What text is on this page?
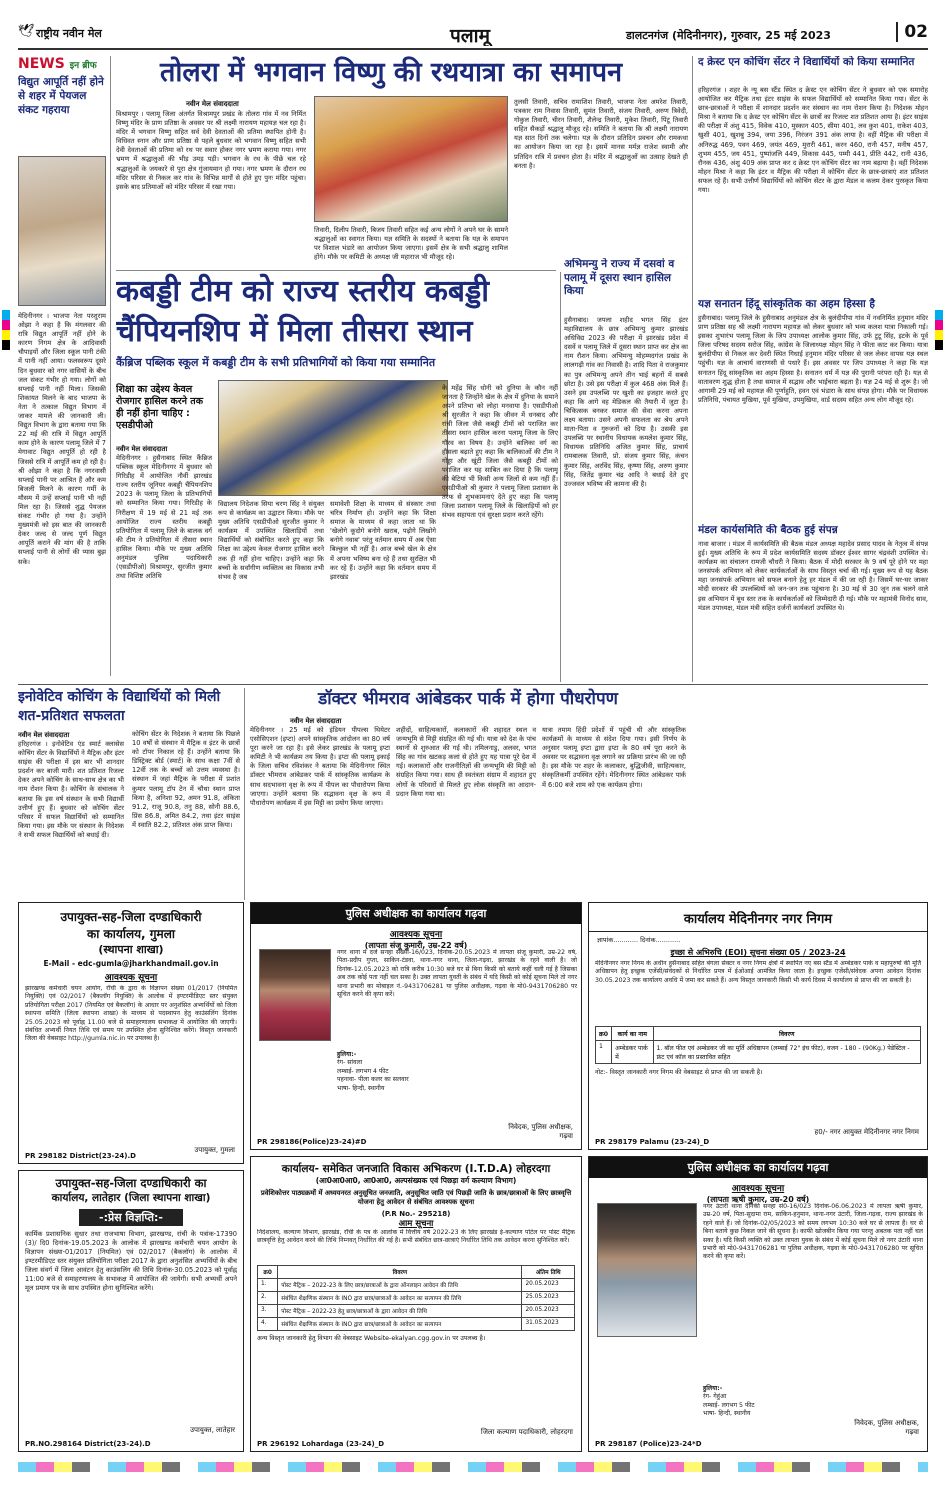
🕊 राष्ट्रीय नवीन मेल	पलामू	डालटनगंज (मेदिनीनगर), गुरुवार, 25 मई 2023	02
NEWS इन ब्रीफ
विद्युत आपूर्ति नहीं होने से शहर में पेयजल संकट गहराया
मेदिनीनगर । भाजपा नेता परशुराम ओझा ने कहा है कि मंगलवार की रात्रि विद्युत आपूर्ति नहीं होने के कारण निगम क्षेत्र के आदिवासी चौपाइयों और जिला स्कूल पानी टंकी में पानी नहीं आया। फलस्वरूप दूसरे दिन बुधवार को नगर वासियों के बीच जल संकट गंभीर हो गया। लोगों को सप्लाई पानी नहीं मिला। जिसकी शिकायत मिलने के बाद भाजपा के नेता ने तत्काल विद्युत विभाग में जाकर मामले की जानकारी ली। विद्युत विभाग के द्वारा बताया गया कि 22 मई की रात्रि में विद्युत आपूर्ति काम होने के कारण पलामू जिले में 7 मेगावाट विद्युत आपूर्ति हो रही है जिससे रात्रि में आपूर्ति कम हो रही है। श्री ओझा ने कहा है कि नगरवासी सप्लाई पानी पर आश्रित हैं और कम बिजली मिलने के कारण गर्मी के मौसम में उन्हें सप्लाई पानी भी नहीं मिल रहा है। जिससे शुद्ध पेयजल संकट गंभीर हो गया है। उन्होंने मुख्यमंत्री को इस बात की जानकारी देकर जल्द से जल्द पूर्ण विद्युत आपूर्ति कराने की मांग की है ताकि सप्लाई पानी से लोगों की प्यास बुझ सके।
तोलरा में भगवान विष्णु की रथयात्रा का समापन
नवीन मेल संवाददाता
विश्रामपुर । पलामू जिला अंतर्गत विश्रामपुर प्रखंड के तोलरा गांव में नव निर्मित विष्णु मंदिर के प्राण प्रतिष्ठा के अवसर पर श्री लक्ष्मी नारायण महायज्ञ चल रहा है। मंदिर में भगवान विष्णु सहित सर्व देवी देवताओं की प्रतिमा स्थापित होनी है। विधिवत स्नान और प्राण प्रतिष्ठा से पहले बुधवार को भगवान विष्णु सहित सभी देवी देवताओं की प्रतिमा को रथ पर सवार होकर नगर भ्रमण कराया गया। नगर भ्रमण में श्रद्धालुओं की भीड़ उमड़ पड़ी। भगवान के रथ के पीछे चल रहे श्रद्धालुओं के जयकारे से पूरा क्षेत्र गुंजायमान हो गया। नगर भ्रमण के दौरान रथ मंदिर परिसर से निकल कर गांव के विभिन्न मार्गों से होते हुए पुनः मंदिर पहुंचा। इसके बाद प्रतिमाओं को मंदिर परिसर में रखा गया।
तिवारी, दिलीप तिवारी, बिजय तिवारी सहित कई अन्य लोगों ने अपने घर के सामने श्रद्धालुओं का स्वागत किया। यज्ञ समिति के सदस्यों ने बताया कि यज्ञ के समापन पर विशाल भंडारे का आयोजन किया जाएगा। इसमें क्षेत्र के सभी श्रद्धालु शामिल होंगे। मौके पर कमिटी के अध्यक्ष जी महाराज भी मौजूद रहे।
तुलसी तिवारी, सचिव रामाशिश तिवारी, भाजपा नेता अमरेश तिवारी, पत्रकार राम निवास तिवारी, सुमंत तिवारी, संजय तिवारी, अरुण त्रिवेदी, गोकुल तिवारी, चीरन तिवारी, शैलेन्द्र तिवारी, मुकेश तिवारी, पिंटू तिवारी सहित सैकड़ों श्रद्धालु मौजूद रहे। समिति ने बताया कि श्री लक्ष्मी नारायण यज्ञ सात दिनों तक चलेगा। यज्ञ के दौरान प्रतिदिन प्रवचन और रामकथा का आयोजन किया जा रहा है। इसमें मानस मर्मज्ञ राजेश स्वामी और प्रतिदिन रात्रि में प्रवचन होता है। मंदिर में श्रद्धालुओं का उत्साह देखते ही बनता है।
कबड्डी टीम को राज्य स्तरीय कबड्डी
चैंपियनशिप में मिला तीसरा स्थान
कैंब्रिज पब्लिक स्कूल में कबड्डी टीम के सभी प्रतिभागियों को किया गया सम्मानित
शिक्षा का उद्देश्य केवल रोजगार हासिल करने तक ही नहीं होना चाहिए : एसडीपीओ
नवीन मेल संवाददाता
मेदिनीनगर । हुसैनाबाद स्थित कैंब्रिज पब्लिक स्कूल मेदिनीनगर में बुधवार को गिरिडीह में आयोजित नौवीं झारखंड राज्य स्तरीय जूनियर कबड्डी चैंपियनशिप 2023 के पलामू जिला के प्रतिभागियों को सम्मानित किया गया। गिरिडीह के निरीक्षण में 19 मई से 21 मई तक आयोजित राज्य स्तरीय कबड्डी प्रतियोगिता में पलामू जिले के बालक वर्ग की टीम ने प्रतियोगिता में तीसरा स्थान हासिल किया। मौके पर मुख्य अतिथि अनुमंडल पुलिस पदाधिकारी (एसडीपीओ) विश्रामपुर, सुरजीत कुमार तथा विशिष्ट अतिथि
विद्यालय निदेशक सिया चरण सिंह ने संयुक्त रूप से कार्यक्रम का उद्घाटन किया। मौके पर मुख्य अतिथि एसडीपीओ सुरजीत कुमार ने कार्यक्रम में उपस्थित खिलाड़ियों तथा विद्यार्थियों को संबोधित करते हुए कहा कि शिक्षा का उद्देश्य केवल रोजगार हासिल करने तक ही नहीं होना चाहिए। उन्होंने कहा कि बच्चों के सर्वांगीण व्यक्तित्व का विकास तभी संभव है जब
समावेशी शिक्षा के माध्यम से संस्कार तथा चरित्र निर्माण हो। उन्होंने कहा कि शिक्षा समाज के माध्यम से कहा जाता था कि 'खेलोगे कूदोगे बनोगे खराब, पढ़ोगे लिखोगे बनोगे नवाब' परंतु वर्तमान समय में अब ऐसा बिल्कुल भी नहीं है। आज बच्चे खेल के क्षेत्र में अपना भविष्य बना रहे हैं तथा सुरक्षित भी कर रहे हैं। उन्होंने कहा कि वर्तमान समय में झारखंड
के महेंद्र सिंह धोनी को दुनिया के कौन नहीं जानता है जिन्होंने खेल के क्षेत्र में दुनिया के समाने अपने प्रतिभा को लोहा मनवाया है। एसडीपीओ श्री सुरजीत ने कहा कि जीवन में धनबाद और रांची जिला जैसे कबड्डी टीमों को पराजित कर तीसरा स्थान हासिल करना पलामू जिला के लिए गौरव का विषय है। उन्होंने बालिका वर्ग का हौसला बढ़ाते हुए कहा कि बालिकाओं की टीम ने गोड्डा और खूंटी जिला जैसे कबड्डी टीमों को पराजित कर यह साबित कर दिया है कि पलामू की बेटियां भी किसी अन्य जिलों से कम नहीं हैं। एसडीपीओ श्री कुमार ने पलामू जिला प्रशासन के तरफ से शुभकामनाएं देते हुए कहा कि पलामू जिला प्रशासन पलामू जिले के खिलाड़ियों को हर संभव सहायता एवं सुरक्षा प्रदान करते रहेंगे।
अभिमन्यु ने राज्य में दसवां व पलामू में दूसरा स्थान हासिल किया
हुसैनाबाद। जपला शहीद भगत सिंह इंटर महाविद्यालय के छात्र अभिमन्यु कुमार झारखंड अधिविद्य 2023 की परीक्षा में झारखंड प्रदेश में दसवें व पलामू जिले में दूसरा स्थान प्राप्त कर क्षेत्र का नाम रौशन किया। अभिमन्यु मोहम्मदगंज प्रखंड के लालगढ़ी गांव का निवासी है। शादि पिता वे राजकुमार का पुत्र अभिमन्यु अपने तीन भाई बहनों में सबसे छोटा है। उसे इस परीक्षा में कुल 468 अंक मिले हैं। उसने इस उपलब्धि पर खुशी का इजहार करते हुए कहा कि आगे वह मेडिकल की तैयारी में जुटा है। चिकित्सक बनकर समाज की सेवा करना अपना लक्ष्य बताया। उसने अपनी सफलता का श्रेय अपने माता-पिता व गुरुजनों को दिया है। उसकी इस उपलब्धि पर स्थानीय विधायक कमलेश कुमार सिंह, विधायक प्रतिनिधि अजित कुमार सिंह, प्राचार्य रामबालक तिवारी, प्रो. संजय कुमार सिंह, कंचन कुमार सिंह, अरविंद सिंह, कृष्णा सिंह, अरुण कुमार सिंह, जितेंद्र कुमार चंद्र आदि ने बधाई देते हुए उज्जवल भविष्य की कामना की है।
द क्रेस्ट एन कोचिंग सेंटर ने विद्यार्थियों को किया सम्मानित
हरिहरगंज । शहर के न्यू बस स्टैंड स्थित द क्रेस्ट एन कोचिंग सेंटर ने बुधवार को एक समारोह आयोजित कर मैट्रिक तथा इंटर साइंस के सफल विद्यार्थियों को सम्मानित किया गया। सेंटर के छात्र-छात्राओं ने परीक्षा में शानदार प्रदर्शन कर संस्थान का नाम रोशन किया है। निदेशक मोहन मिश्रा ने बताया कि द क्रेस्ट एन कोचिंग सेंटर के छात्रों का रिजल्ट शत प्रतिशत आया है। इंटर साइंस की परीक्षा में अंशु 415, विवेक 410, मुस्कान 405, सीमा 401, लव कुश 401, राकेश 403, खुशी 401, खुशबु 394, जया 396, निरंजन 391 अंक लाया है। वहीं मैट्रिक की परीक्षा में अनिरुद्ध 469, पवन 469, जयंत 469, मुरारी 461, करन 460, रानी 457, मनीष 457, शुभम 455, जय 451, पुष्पांजलि 449, विकास 445, पम्मी 441, प्रीति 442, रानी 436, रौनक 436, अंशु 409 अंक प्राप्त कर द क्रेस्ट एन कोचिंग सेंटर का नाम बढ़ाया है। वहीं निदेशक मोहन मिश्रा ने कहा कि इंटर व मैट्रिक की परीक्षा में कोचिंग सेंटर के छात्र-छात्राएं शत प्रतिशत सफल रहे हैं। सभी उत्तीर्ण विद्यार्थियों को कोचिंग सेंटर के द्वारा मेडल व कलम देकर पुरस्कृत किया गया।
यज्ञ सनातन हिंदू सांस्कृतिक का अहम हिस्सा है
हुसैनाबाद। पलामू जिले के हुसैनाबाद अनुमंडल क्षेत्र के बुलंदीपीपा गांव में नवनिर्मित हनुमान मंदिर प्राण प्रतिष्ठा सह श्री लक्ष्मी नारायण महायज्ञ को लेकर बुधवार को भव्य कलश यात्रा निकाली गई। इसका शुभारंभ पलामू जिला के जिप उपाध्यक्ष आलोक कुमार सिंह, उर्फ टुटू सिंह, इटके के पूर्व जिला परिषद सदस्य सरोज सिंह, कांग्रेस के जिलाध्यक्ष मोहन सिंह ने फीता काट कर किया। यात्रा बुलंदीपीपा से निकल कर देवरी स्थित गिधाई हनुमान मंदिर परिसर से जल लेकर वापस यज्ञ स्थल पहुंची। यज्ञ के आचार्य वाराणसी से पधारे हैं। इस अवसर पर जिप उपाध्यक्ष ने कहा कि यज्ञ सनातन हिंदू सांस्कृतिक का अहम हिस्सा है। सनातन धर्म में यज्ञ की पुरानी परंपरा रही है। यज्ञ से वातावरण शुद्ध होता है तथा समाज में सद्भाव और भाईचारा बढ़ता है। यज्ञ 24 मई से शुरू है। जो आगामी 29 मई को महायज्ञ की पूर्णाहुति, हवन एवं भंडारा के साथ संपन्न होगा। मौके पर विधायक प्रतिनिधि, पंचायत मुखिया, पूर्व मुखिया, उपमुखिया, वार्ड सदस्य सहित अन्य लोग मौजूद रहे।
मंडल कार्यसमिति की बैठक हुई संपन्न
नावा बाजार । मंडल में कार्यसमिति की बैठक मंडल अध्यक्ष महादेव प्रसाद यादव के नेतृत्व में संपन्न हुई। मुख्य अतिथि के रूप में प्रदेश कार्यसमिति सदस्य डॉक्टर ईश्वर सागर चंद्रवंशी उपस्थित थे। कार्यक्रम का संचालन रामजी चौधरी ने किया। बैठक में मोदी सरकार के 9 वर्ष पूरे होने पर महा जनसंपर्क अभियान को लेकर कार्यकर्ताओं के साथ विस्तृत चर्चा की गई। मुख्य रूप से यह बैठक महा जनसंपर्क अभियान को सफल बनाने हेतु हर मंडल में की जा रही है। जिसमें घर-घर जाकर मोदी सरकार की उपलब्धियों को जन-जन तक पहुंचाना है। 30 मई से 30 जून तक चलने वाले इस अभियान में बूथ स्तर तक के कार्यकर्ताओं को जिम्मेदारी दी गई। मौके पर महामंत्री विनोद साव, मंडल उपाध्यक्ष, मंडल मंत्री सहित दर्जनों कार्यकर्ता उपस्थित थे।
इनोवेटिव कोचिंग के विद्यार्थियों को मिली शत-प्रतिशत सफलता
नवीन मेल संवाददाता
हरिहरगंज । इनोवेटिव एंड स्मार्ट क्लासेस कोचिंग सेंटर के विद्यार्थियों ने मैट्रिक और इंटर साइंस की परीक्षा में इस बार भी शानदार प्रदर्शन कर बाजी मारी। शत प्रतिशत रिजल्ट देकर अपने कोचिंग के साथ-साथ क्षेत्र का भी नाम रोशन किया है। कोचिंग के संचालक ने बताया कि इस वर्ष संस्थान के सभी विद्यार्थी उत्तीर्ण हुए हैं। बुधवार को कोचिंग सेंटर परिसर में सफल विद्यार्थियों को सम्मानित किया गया। इस मौके पर संस्थान के निदेशक ने सभी सफल विद्यार्थियों को बधाई दी।
कोचिंग सेंटर के निदेशक ने बताया कि पिछले 10 वर्षों से संस्थान में मैट्रिक व इंटर के छात्रों को टॉपर निकाल रहे हैं। उन्होंने बताया कि डिस्ट्रिक्ट बोर्ड (स्मार्ट) के साथ कक्षा 7वीं से 12वीं तक के बच्चों को उत्तम व्यवस्था है। संस्थान में जहां मैट्रिक के परीक्षा में प्रशांत कुमार पलामू टॉप टेन में चौथा स्थान प्राप्त किया है, अनिशा 92, अमन 91.8, अंकिता 91.2, राजू 90.8, तनु 88, सोनी 88.6, प्रिंस 86.8, अमित 84.2, तथा इंटर साइंस में स्वाति 82.2, प्रतिशत अंक प्राप्त किया।
डॉक्टर भीमराव आंबेडकर पार्क में होगा पौधरोपण
नवीन मेल संवाददाता
मेदिनीनगर । 25 मई को इंडियन पीपल्स थियेटर एसोसिएशन (इप्टा) अपने सांस्कृतिक आंदोलन का 80 वर्ष पूरा करने जा रहा है। इसे लेकर झारखंड के पलामू इप्टा कमिटी ने भी कार्यक्रम तय किया है। इप्टा की पलामू इकाई के जिला सचिव रविशंकर ने बताया कि मेदिनीनगर स्थित डॉक्टर भीमराव आंबेडकर पार्क में सांस्कृतिक कार्यक्रम के साथ सदभावना वृक्ष के रूप में पीपल का पौधारोपण किया जाएगा। उन्होंने बताया कि सद्भावना वृक्ष के रूप में पौधारोपण कार्यक्रम में इस मिट्टी का प्रयोग किया जाएगा।
शहीदों, साहित्यकारों, कलाकारों की शहादत स्थल व जन्मभूमि से मिट्टी संग्रहित की गई थी। यात्रा को देश के पांच स्थानों से शुरुआत की गई थी। तमिलनाडु, अलवर, भगत सिंह का गांव खटकड़ कलां से होते हुए यह यात्रा पूरे देश में गई। कलाकारों और राजनीतिज्ञों की जन्मभूमि की मिट्टी को संग्रहित किया गया। साथ ही स्वतंत्रता संग्राम में शहादत हुए लोगों के परिवारों से मिलते हुए लोक संस्कृति का आदान-प्रदान किया गया था।
यात्रा तमाम हिंदी प्रदेशों में पहुंची थी और सांस्कृतिक कार्यक्रमों के माध्यम से संदेश दिया गया। इसी निर्णय के अनुसार पलामू इप्टा द्वारा इप्टा के 80 वर्ष पूरा करने के अवसर पर सद्भावना वृक्ष लगाने का प्रक्रिया प्रारंभ की जा रही है। इस मौके पर शहर के कलाकार, बुद्धिजीवी, साहित्यकार, संस्कृतिकर्मी उपस्थित रहेंगे। मेदिनीनगर स्थित आंबेडकर पार्क में 6:00 बजे शाम को एक कार्यक्रम होगा।
उपायुक्त-सह-जिला दण्डाधिकारी
का कार्यालय, गुमला
(स्थापना शाखा)
E-Mail - edc-gumla@jharkhandmail.gov.in
आवश्यक सूचना
झारखण्ड कर्मचारी चयन आयोग, राँची के द्वारा के विज्ञापन संख्या 01/2017 (नियमित नियुक्ति) एवं 02/2017 (बैकलॉग नियुक्ति) के आलोक में इण्टरमीडिएट स्तर संयुक्त प्रतियोगिता परीक्षा 2017 (नियमित एवं बैकलॉग) के आधार पर अनुशंसित अभ्यर्थियों को जिला स्थापना समिति (जिला स्थापना शाखा) के माध्यम से पदस्थापन हेतु काउंसलिंग दिनांक 25.05.2023 को पूर्वाह्न 11.00 बजे से समाहरणालय सभाकक्ष में आयोजित की जाएगी। संबंधित अभ्यर्थी नियत तिथि एवं समय पर उपस्थित होना सुनिश्चित करेंगे। विस्तृत जानकारी जिला की वेबसाइट http://gumla.nic.in पर उपलब्ध है।
उपायुक्त, गुमला
PR 298182 District(23-24).D
उपायुक्त-सह-जिला दण्डाधिकारी का
कार्यालय, लातेहार (जिला स्थापना शाखा)
-:प्रेस विज्ञप्ति:-
कार्मिक प्रशासनिक सुधार तथा राजभाषा विभाग, झारखण्ड, रांची के पत्रांक-17390 (3)/ दि0 दिनांक-19.05.2023 के आलोक में झारखण्ड कर्मचारी चयन आयोग के विज्ञापन संख्या-01/2017 (नियमित) एवं 02/2017 (बैकलॉग) के आलोक में इण्टरमीडिएट स्तर संयुक्त प्रतियोगिता परीक्षा 2017 के द्वारा अनुशंसित अभ्यर्थियों के बीच जिला संवर्ग में जिला आवंटन हेतु काउंसलिंग की तिथि दिनांक-30.05.2023 को पूर्वाह्न 11:00 बजे से समाहरणालय के सभाकक्ष में आयोजित की जायेगी। सभी अभ्यर्थी अपने मूल प्रमाण पत्र के साथ उपस्थित होना सुनिश्चित करेंगे।
उपायुक्त, लातेहार
PR.NO.298164 District(23-24).D
पुलिस अधीक्षक का कार्यालय गढ़वा
आवश्यक सूचना
(लापता संजू कुमारी, उम्र-22 वर्ष)
नगर थाना में दर्ज सनहा संख्या-16/023, दिनांक-20.05.2023 में लापता संजू कुमारी, उम्र-22 वर्ष, पिता-प्रदीप गुप्ता, साकिन-टंडवा, थाना-नगर थाना, जिला-गढ़वा, झारखंड के रहने वाली है। जो दिनांक-12.05.2023 को रात्रि करीब 10:30 बजे घर से बिना किसी को बताये कहीं चली गई है जिसका अब तक कोई पता नहीं चल सका है। उक्त लापता युवती के संबंध में यदि किसी को कोई सूचना मिले तो नगर थाना प्रभारी का मोबाइल नं.-9431706281 या पुलिस अधीक्षक, गढ़वा के मो0-9431706280 पर सूचित करने की कृपा करें।
हुलिया:-
रंग- सांवला
लम्बाई- लगभग 4 फीट
पहनावा- पीला कलर का सलवार
भाषा- हिन्दी, स्थानीय
निवेदक, पुलिस अधीक्षक, गढ़वा
PR 298186(Police)23-24)#D
कार्यालय मेदिनीनगर नगर निगम
ज्ञापांक............ दिनांक............
इच्छा से अभिरुचि (EOI) सूचना संख्या 05 / 2023-24
मेदिनीनगर नगर निगम के अधीन हुसैनाबाद सहित बंगला सेक्टर व नगर निगम क्षेत्रों में स्थापित नए बस स्टैंड में अम्बेडकर पार्क व महापुरुषों की मूर्ति अधिष्ठापन हेतु इच्छुक एजेंसी/संवेदकों से निर्धारित प्रपत्र में ईओआई आमंत्रित किया जाता है। इच्छुक एजेंसी/संवेदक अपना आवेदन दिनांक 30.05.2023 तक कार्यालय अवधि में जमा कर सकते हैं। अन्य विस्तृत जानकारी किसी भी कार्य दिवस में कार्यालय से प्राप्त की जा सकती है।
क्र0	कार्य का नाम	विवरण
1	अम्बेडकर पार्क में	1. बॉल फीत एवं अम्बेडकर जी का मूर्ति अधिष्ठापन (लम्बाई 72" इंच फीट), वजन - 180 - (90Kg.) पेडेस्टिल - फ्रंट एवं कॉल का प्रस्तावित सहित
नोट:- विस्तृत जानकारी नगर निगम की वेबसाइट से प्राप्त की जा सकती है।
ह0/- नगर आयुक्त मेदिनीनगर नगर निगम
PR 298179 Palamu (23-24)_D
कार्यालय- समेकित जनजाति विकास अभिकरण (I.T.D.A) लोहरदगा
(आ0आ0आ0, आ0आ0, अल्पसंख्यक एवं पिछड़ा वर्ग कल्याण विभाग)
प्रवेशिकोत्तर पाठ्यक्रमों में अध्ययनरत अनुसूचित जनजाति, अनुसूचित जाति एवं पिछड़ी जाति के छात्र/छात्राओं के लिए छात्रवृत्ति योजना हेतु आवेदन से संबंधित आवश्यक सूचना
(P.R No.- 295218)
आम सूचना
निदेशालय, कल्याण विभाग, झारखंड, राँची के पत्र के आलोक में वित्तीय वर्ष 2022-23 के लिए झारखंड ई-कल्याण पोर्टल पर पोस्ट मैट्रिक छात्रवृत्ति हेतु आवेदन करने की तिथि निम्नवत् निर्धारित की गई है। सभी संबंधित छात्र-छात्राएं निर्धारित तिथि तक आवेदन करना सुनिश्चित करें।
क्र0	विवरण	अंतिम तिथि
1.	पोस्ट मैट्रिक – 2022-23 के लिए छात्र/छात्राओं के द्वारा ऑनलाइन आवेदन की तिथि	20.05.2023
2.	संबंधित शैक्षणिक संस्थान के INO द्वारा छात्र/छात्राओं के आवेदन का सत्यापन की तिथि	25.05.2023
3.	पोस्ट मैट्रिक – 2022-23 हेतु छात्र/छात्राओं के द्वारा आवेदन की तिथि	20.05.2023
4.	संबंधित शैक्षणिक संस्थान के INO द्वारा छात्र/छात्राओं के आवेदन का सत्यापन	31.05.2023
अन्य विस्तृत जानकारी हेतु विभाग की वेबसाइट Website-ekalyan.cgg.gov.in पर उपलब्ध है।
जिला कल्याण पदाधिकारी, लोहरदगा
PR 296192 Lohardaga (23-24)_D
पुलिस अधीक्षक का कार्यालय गढ़वा
आवश्यक सूचना
(लापता ऋषी कुमार, उम्र-20 वर्ष)
नगर उंटारी थाना दैनिकी सनहा सं0-16/023 दिनांक-06.06.2023 में लापता ऋषी कुमार, उम्र-20 वर्ष, पिता-सुदामा राम, साकिन-हनुमान, थाना-नगर उंटारी, जिला-गढ़वा, राज्य झारखंड के रहने वाले हैं। जो दिनांक-02/05/2023 को समय लगभग 10:30 बजे घर से लापता हैं। घर से बिना बताये कुछ निकल जाने की सूचना है। काफी खोजबीन किया गया परन्तु अबतक पता नहीं चल सका है। यदि किसी व्यक्ति को उक्त लापता युवक के संबंध में कोई सूचना मिले तो नगर उंटारी थाना प्रभारी को मो0-9431706281 या पुलिस अधीक्षक, गढ़वा के मो0-9431706280 पर सूचित करने की कृपा करें।
हुलिया:-
रंग- गेहुंआ
लम्बाई- लगभग 5 फीट
भाषा- हिन्दी, स्थानीय
निवेदक, पुलिस अधीक्षक, गढ़वा
PR 298187 (Police)23-24*D
